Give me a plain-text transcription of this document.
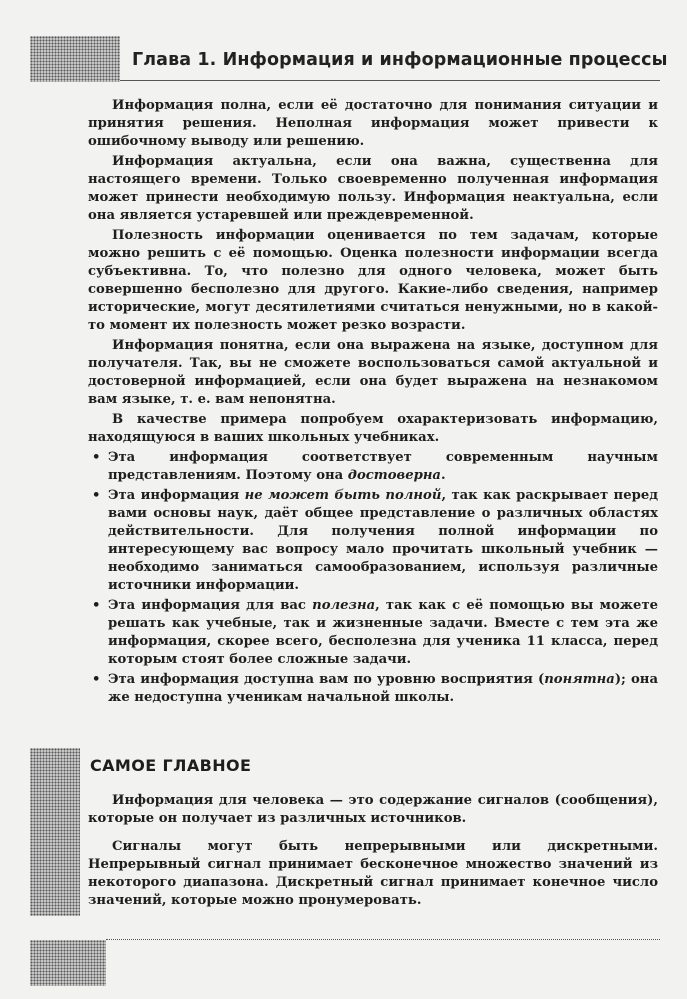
Глава 1. Информация и информационные процессы

Информация полна, если её достаточно для понимания ситуации и принятия решения. Неполная информация может привести к ошибочному выводу или решению.

Информация актуальна, если она важна, существенна для настоящего времени. Только своевременно полученная информация может принести необходимую пользу. Информация неактуальна, если она является устаревшей или преждевременной.

Полезность информации оценивается по тем задачам, которые можно решить с её помощью. Оценка полезности информации всегда субъективна. То, что полезно для одного человека, может быть совершенно бесполезно для другого. Какие-либо сведения, например исторические, могут десятилетиями считаться ненужными, но в какой-то момент их полезность может резко возрасти.

Информация понятна, если она выражена на языке, доступном для получателя. Так, вы не сможете воспользоваться самой актуальной и достоверной информацией, если она будет выражена на незнакомом вам языке, т. е. вам непонятна.

В качестве примера попробуем охарактеризовать информацию, находящуюся в ваших школьных учебниках.

• Эта информация соответствует современным научным представлениям. Поэтому она достоверна.
• Эта информация не может быть полной, так как раскрывает перед вами основы наук, даёт общее представление о различных областях действительности. Для получения полной информации по интересующему вас вопросу мало прочитать школьный учебник — необходимо заниматься самообразованием, используя различные источники информации.
• Эта информация для вас полезна, так как с её помощью вы можете решать как учебные, так и жизненные задачи. Вместе с тем эта же информация, скорее всего, бесполезна для ученика 11 класса, перед которым стоят более сложные задачи.
• Эта информация доступна вам по уровню восприятия (понятна); она же недоступна ученикам начальной школы.
САМОЕ ГЛАВНОЕ

Информация для человека — это содержание сигналов (сообщения), которые он получает из различных источников.

Сигналы могут быть непрерывными или дискретными. Непрерывный сигнал принимает бесконечное множество значений из некоторого диапазона. Дискретный сигнал принимает конечное число значений, которые можно пронумеровать.
